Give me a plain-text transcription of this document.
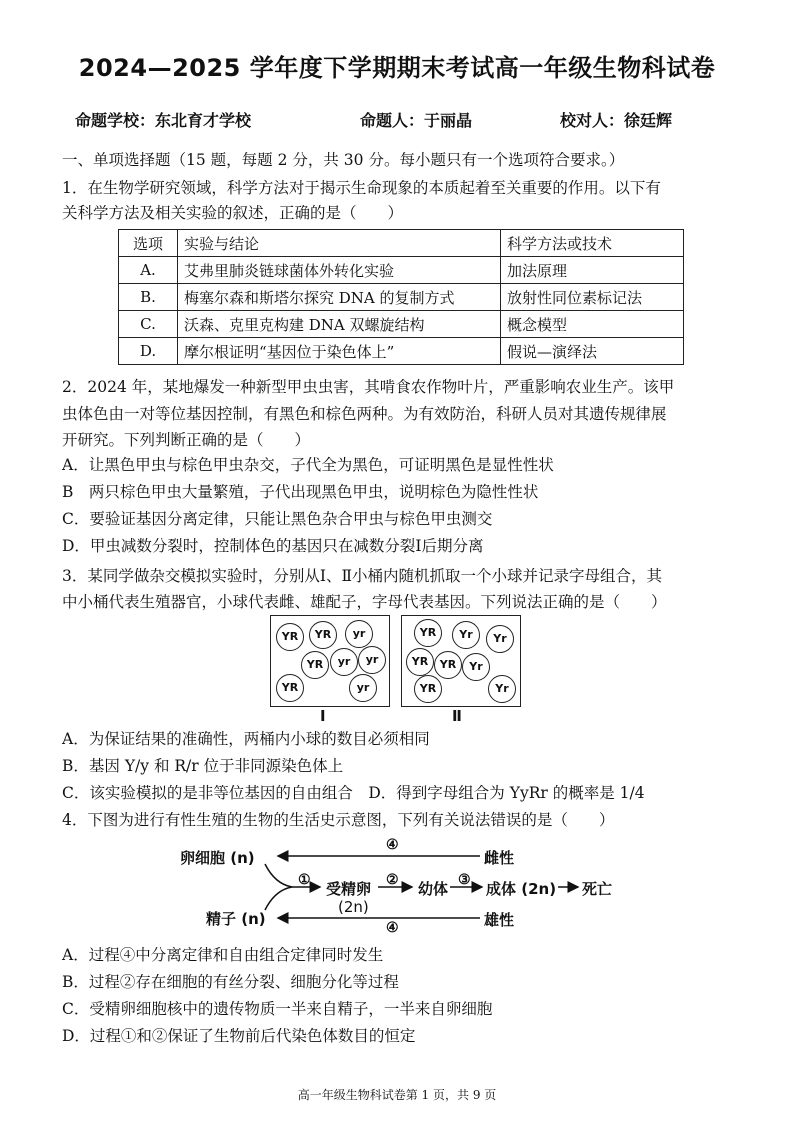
2024—2025 学年度下学期期末考试高一年级生物科试卷
命题学校：东北育才学校	命题人：于丽晶	校对人：徐廷辉
一、单项选择题（15 题，每题 2 分，共 30 分。每小题只有一个选项符合要求。）
1．在生物学研究领域，科学方法对于揭示生命现象的本质起着至关重要的作用。以下有
关科学方法及相关实验的叙述，正确的是（　　）
选项	实验与结论	科学方法或技术
A.	艾弗里肺炎链球菌体外转化实验	加法原理
B.	梅塞尔森和斯塔尔探究 DNA 的复制方式	放射性同位素标记法
C.	沃森、克里克构建 DNA 双螺旋结构	概念模型
D.	摩尔根证明“基因位于染色体上”	假说—演绎法
2．2024 年，某地爆发一种新型甲虫虫害，其啃食农作物叶片，严重影响农业生产。该甲
虫体色由一对等位基因控制，有黑色和棕色两种。为有效防治，科研人员对其遗传规律展
开研究。下列判断正确的是（　　）
A．让黑色甲虫与棕色甲虫杂交，子代全为黑色，可证明黑色是显性性状
B　两只棕色甲虫大量繁殖，子代出现黑色甲虫，说明棕色为隐性性状
C．要验证基因分离定律，只能让黑色杂合甲虫与棕色甲虫测交
D．甲虫减数分裂时，控制体色的基因只在减数分裂Ⅰ后期分离
3．某同学做杂交模拟实验时，分别从Ⅰ、Ⅱ小桶内随机抓取一个小球并记录字母组合，其
中小桶代表生殖器官，小球代表雌、雄配子，字母代表基因。下列说法正确的是（　　）
YR	YR	yr
YR	yr	yr
YR	yr
Ⅰ
YR	Yr	Yr
YR	YR	Yr
YR	Yr
Ⅱ
A．为保证结果的准确性，两桶内小球的数目必须相同
B．基因 Y/y 和 R/r 位于非同源染色体上
C．该实验模拟的是非等位基因的自由组合　D．得到字母组合为 YyRr 的概率是 1/4
4．下图为进行有性生殖的生物的生活史示意图，下列有关说法错误的是（　　）
卵细胞 (n)
精子 (n)
雌性
雄性
受精卵
(2n)
幼体	成体 (2n) 死亡
④
④
①	②	③
A．过程④中分离定律和自由组合定律同时发生
B．过程②存在细胞的有丝分裂、细胞分化等过程
C．受精卵细胞核中的遗传物质一半来自精子，一半来自卵细胞
D．过程①和②保证了生物前后代染色体数目的恒定
高一年级生物科试卷第 1 页，共 9 页
